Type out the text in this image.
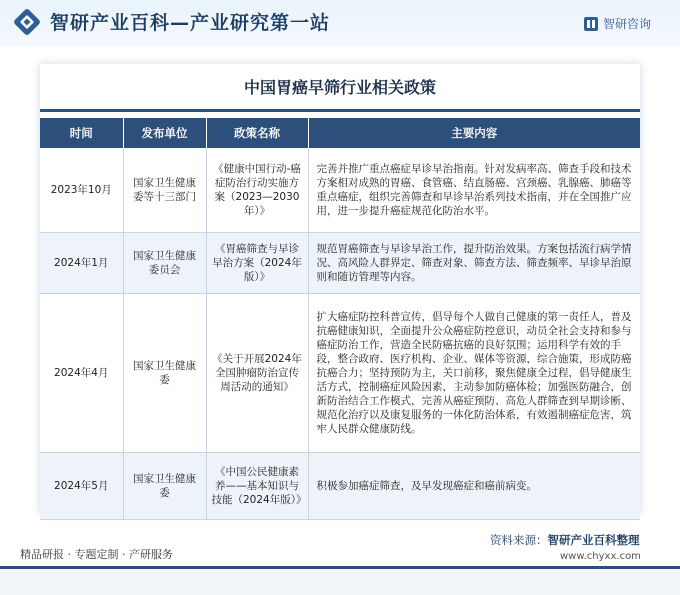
智研产业百科—产业研究第一站	智研咨询
中国胃癌早筛行业相关政策
时间	发布单位	政策名称	主要内容
2023年10月	国家卫生健康委等十三部门	《健康中国行动-癌症防治行动实施方案（2023—2030年）》	完善并推广重点癌症早诊早治指南。针对发病率高、筛查手段和技术方案相对成熟的胃癌、食管癌、结直肠癌、宫颈癌、乳腺癌、肺癌等重点癌症，组织完善筛查和早诊早治系列技术指南，并在全国推广应用，进一步提升癌症规范化防治水平。
2024年1月	国家卫生健康委员会	《胃癌筛查与早诊早治方案（2024年版）》	规范胃癌筛查与早诊早治工作，提升防治效果。方案包括流行病学情况、高风险人群界定、筛查对象、筛查方法、筛查频率、早诊早治原则和随访管理等内容。
2024年4月	国家卫生健康委	《关于开展2024年全国肿瘤防治宣传周活动的通知》	扩大癌症防控科普宣传，倡导每个人做自己健康的第一责任人，普及抗癌健康知识，全面提升公众癌症防控意识，动员全社会支持和参与癌症防治工作，营造全民防癌抗癌的良好氛围；运用科学有效的手段，整合政府、医疗机构、企业、媒体等资源，综合施策，形成防癌抗癌合力；坚持预防为主，关口前移，聚焦健康全过程，倡导健康生活方式，控制癌症风险因素，主动参加防癌体检；加强医防融合，创新防治结合工作模式，完善从癌症预防、高危人群筛查到早期诊断、规范化治疗以及康复服务的一体化防治体系，有效遏制癌症危害，筑牢人民群众健康防线。
2024年5月	国家卫生健康委	《中国公民健康素养——基本知识与技能（2024年版）》	积极参加癌症筛查，及早发现癌症和癌前病变。
资料来源：智研产业百科整理
www.chyxx.com
精品研报 · 专题定制 · 产研服务
